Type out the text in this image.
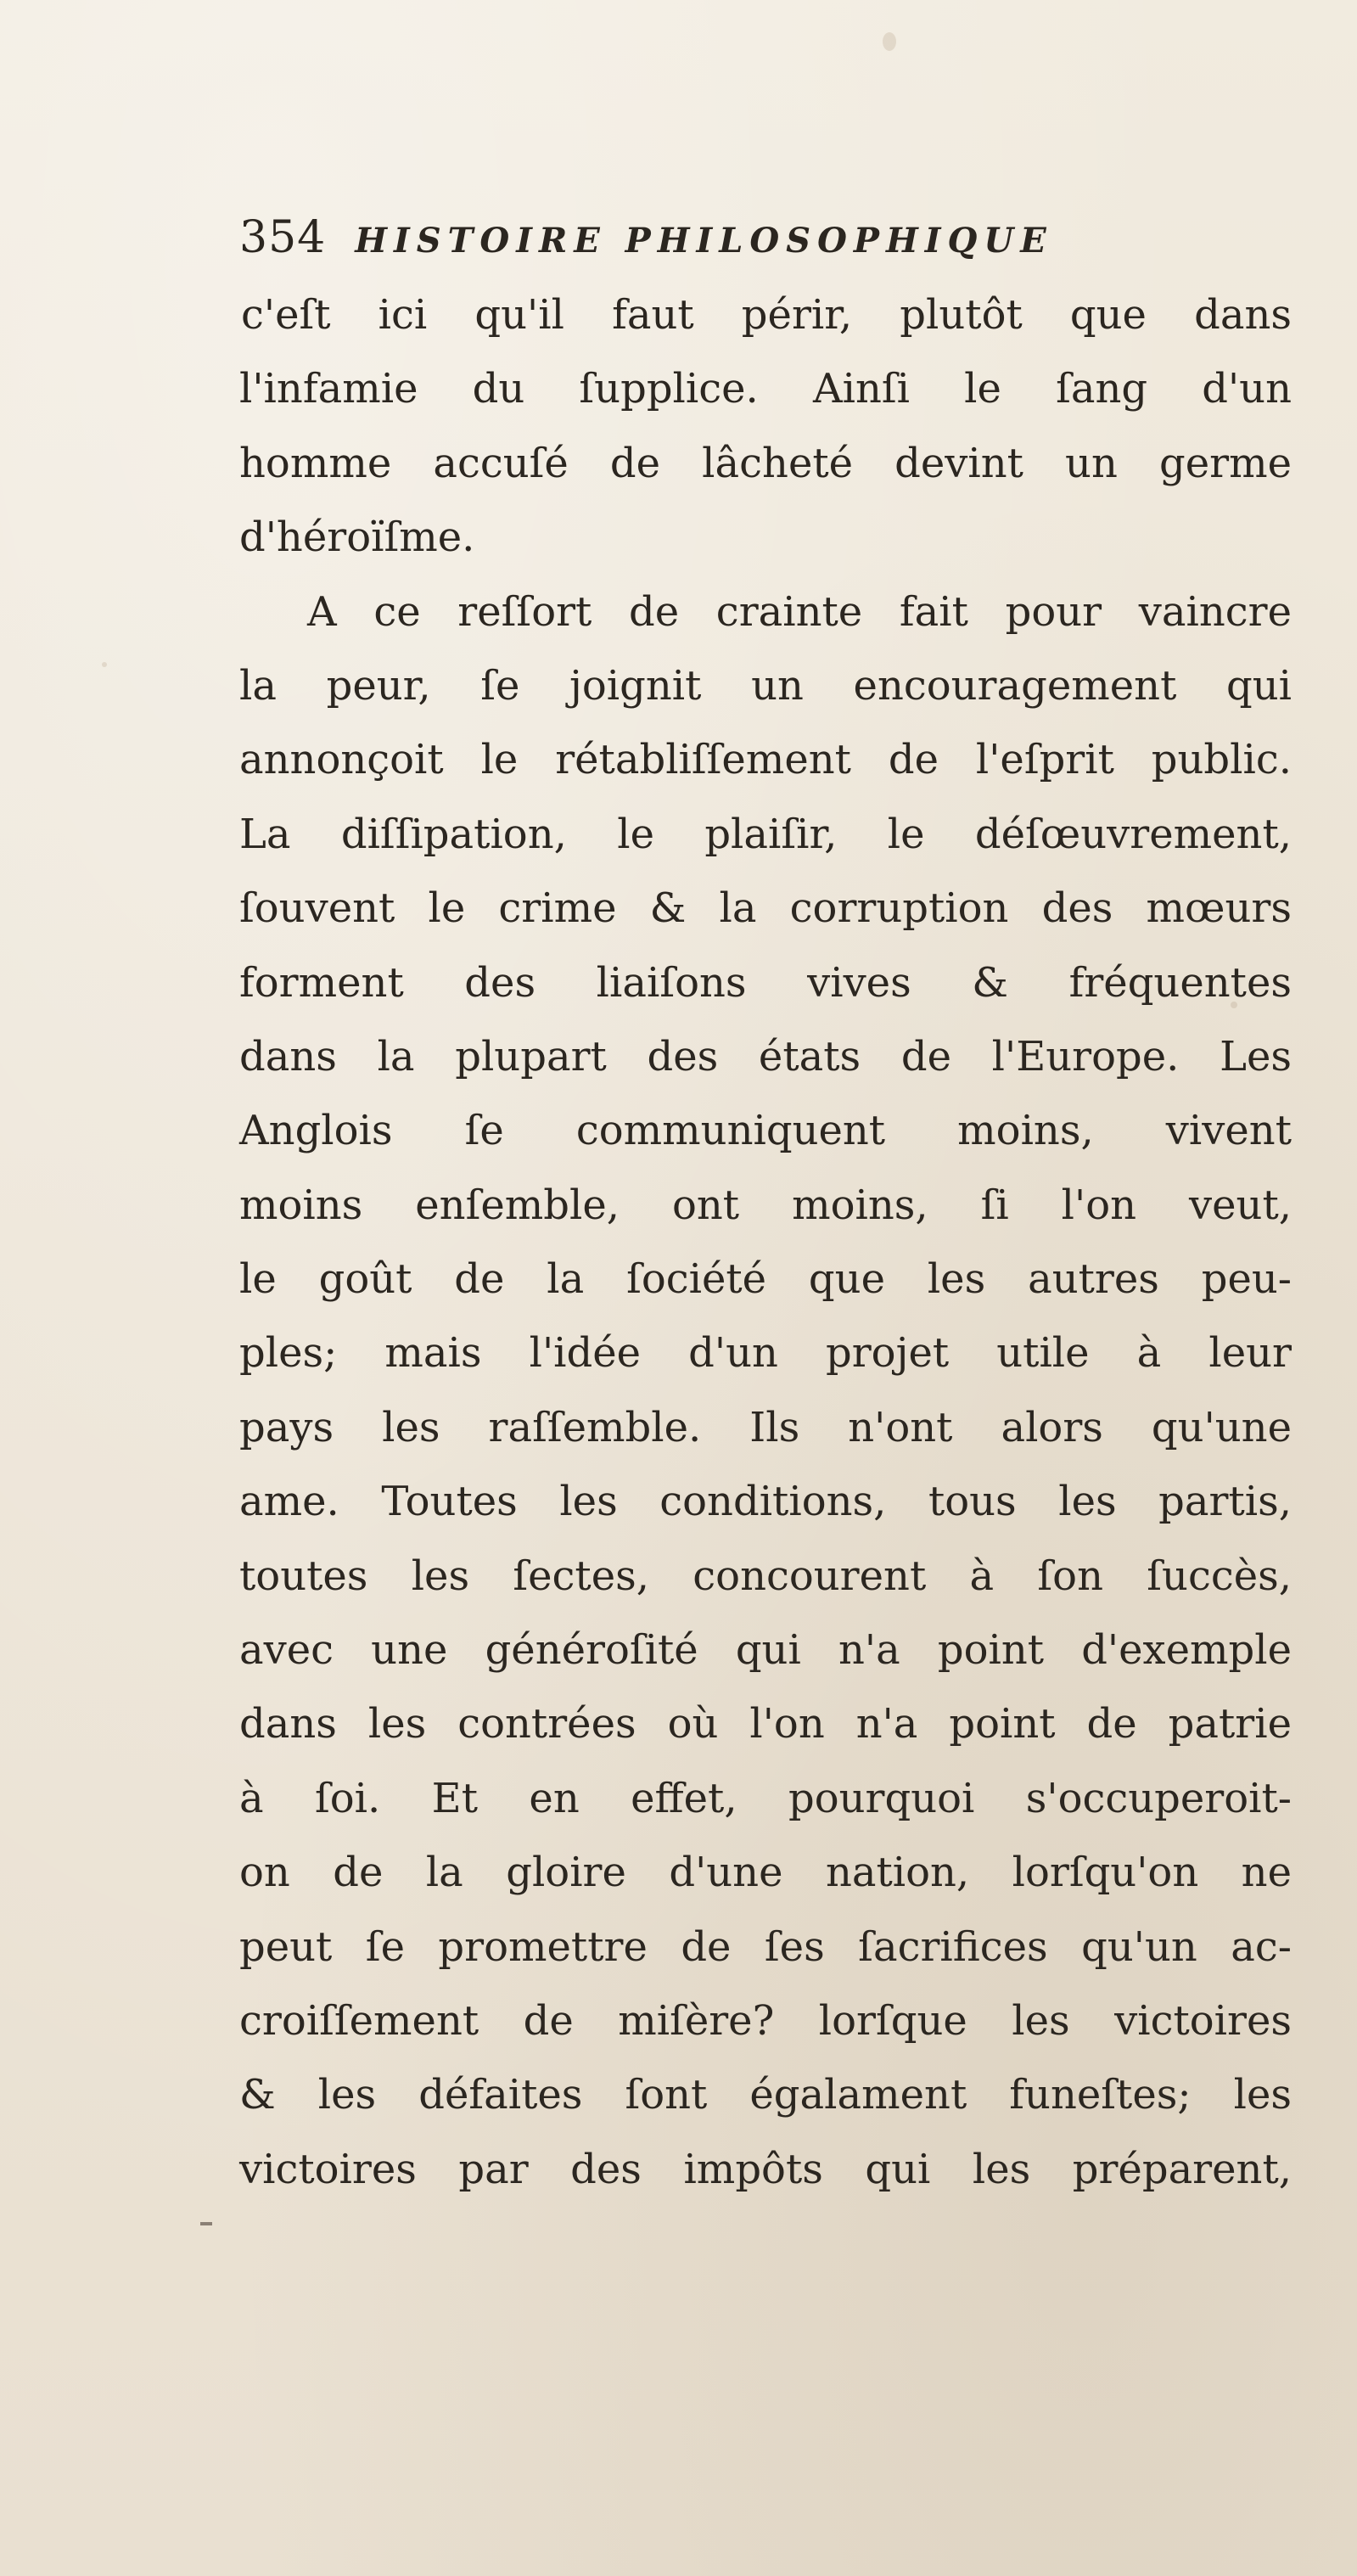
354 HISTOIRE PHILOSOPHIQUE
c'eſt ici qu'il faut périr, plutôt que dans
l'infamie du ſupplice. Ainſi le ſang d'un
homme accuſé de lâcheté devint un germe
d'héroïſme.
A ce reſſort de crainte fait pour vaincre
la peur, ſe joignit un encouragement qui
annonçoit le rétabliſſement de l'eſprit public.
La diſſipation, le plaiſir, le déſœuvrement,
ſouvent le crime & la corruption des mœurs
forment des liaiſons vives & fréquentes
dans la plupart des états de l'Europe. Les
Anglois ſe communiquent moins, vivent
moins enſemble, ont moins, ſi l'on veut,
le goût de la ſociété que les autres peu-
ples; mais l'idée d'un projet utile à leur
pays les raſſemble. Ils n'ont alors qu'une
ame. Toutes les conditions, tous les partis,
toutes les ſectes, concourent à ſon ſuccès,
avec une généroſité qui n'a point d'exemple
dans les contrées où l'on n'a point de patrie
à ſoi. Et en effet, pourquoi s'occuperoit-
on de la gloire d'une nation, lorſqu'on ne
peut ſe promettre de ſes ſacrifices qu'un ac-
croiſſement de miſère? lorſque les victoires
& les défaites ſont égalament funeſtes; les
victoires par des impôts qui les préparent,
